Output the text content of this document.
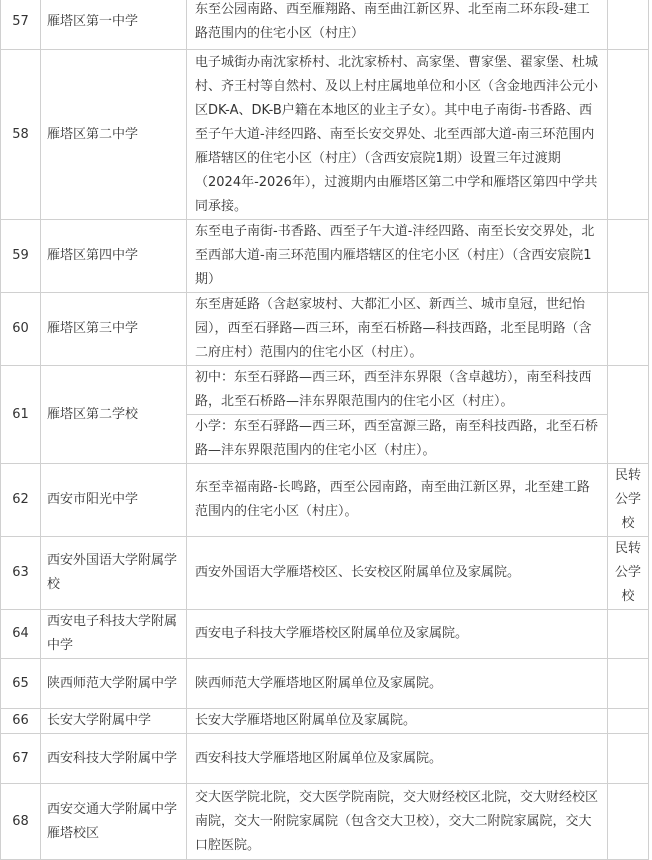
57	雁塔区第一中学	东至公园南路、西至雁翔路、南至曲江新区界、北至南二环东段-建工路范围内的住宅小区（村庄）	
58	雁塔区第二中学	电子城街办南沈家桥村、北沈家桥村、高家堡、曹家堡、翟家堡、杜城村、齐王村等自然村、及以上村庄属地单位和小区（含金地西沣公元小区DK-A、DK-B户籍在本地区的业主子女）。其中电子南街-书香路、西至子午大道-沣经四路、南至长安交界处、北至西部大道-南三环范围内雁塔辖区的住宅小区（村庄）（含西安宸院1期）设置三年过渡期（2024年-2026年），过渡期内由雁塔区第二中学和雁塔区第四中学共同承接。	
59	雁塔区第四中学	东至电子南街-书香路、西至子午大道-沣经四路、南至长安交界处，北至西部大道-南三环范围内雁塔辖区的住宅小区（村庄）（含西安宸院1期）	
60	雁塔区第三中学	东至唐延路（含赵家坡村、大都汇小区、新西兰、城市皇冠，世纪怡园），西至石驿路—西三环，南至石桥路—科技西路，北至昆明路（含二府庄村）范围内的住宅小区（村庄）。	
61	雁塔区第二学校	初中：东至石驿路—西三环，西至沣东界限（含卓越坊），南至科技西路，北至石桥路—沣东界限范围内的住宅小区（村庄）。	
		小学：东至石驿路—西三环，西至富源三路，南至科技西路，北至石桥路—沣东界限范围内的住宅小区（村庄）。	
62	西安市阳光中学	东至幸福南路-长鸣路，西至公园南路，南至曲江新区界，北至建工路范围内的住宅小区（村庄）。	民转公学校
63	西安外国语大学附属学校	西安外国语大学雁塔校区、长安校区附属单位及家属院。	民转公学校
64	西安电子科技大学附属中学	西安电子科技大学雁塔校区附属单位及家属院。	
65	陕西师范大学附属中学	陕西师范大学雁塔地区附属单位及家属院。	
66	长安大学附属中学	长安大学雁塔地区附属单位及家属院。	
67	西安科技大学附属中学	西安科技大学雁塔地区附属单位及家属院。	
68	西安交通大学附属中学雁塔校区	交大医学院北院，交大医学院南院，交大财经校区北院，交大财经校区南院，交大一附院家属院（包含交大卫校），交大二附院家属院，交大口腔医院。	
